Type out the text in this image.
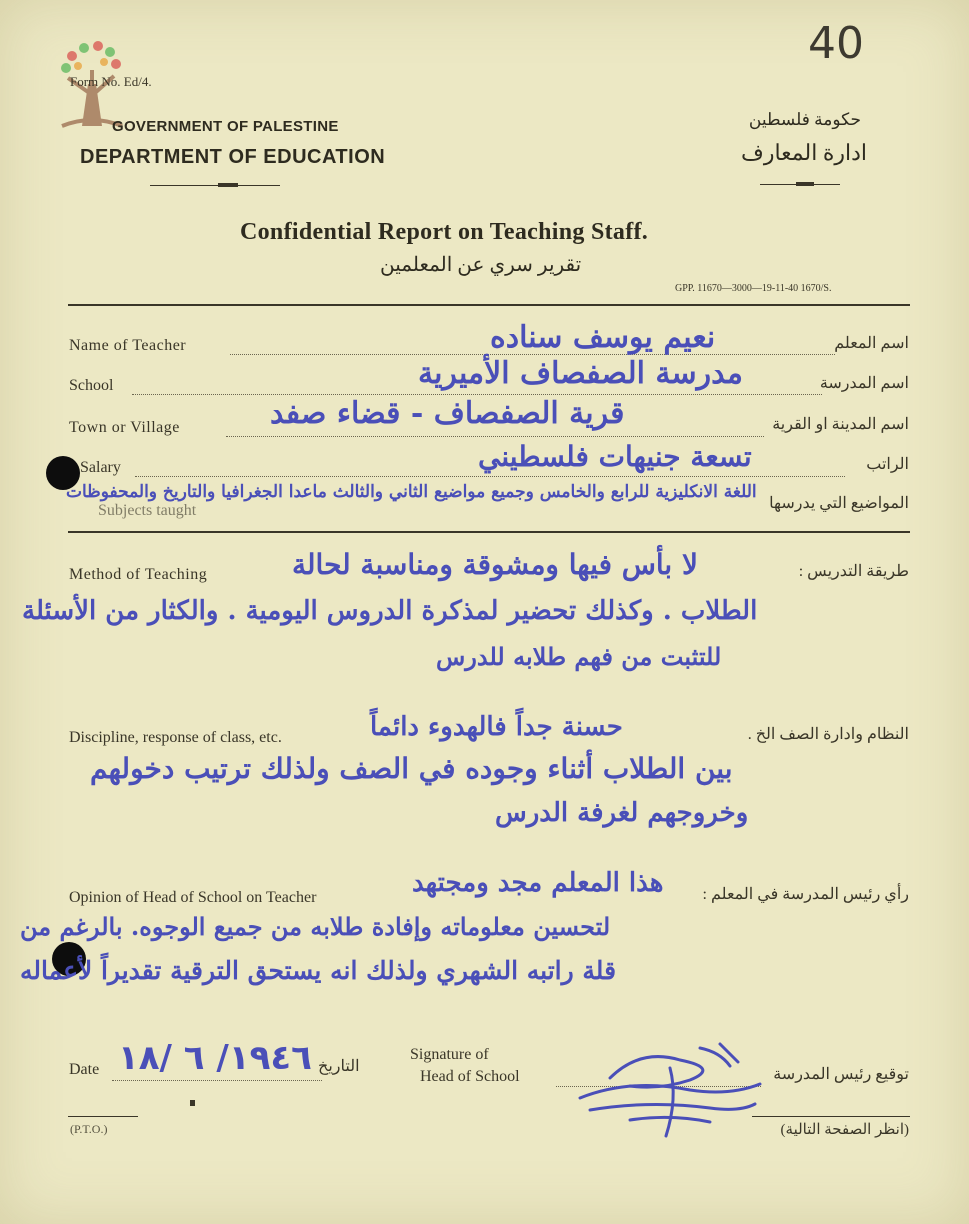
40
Form No. Ed/4.
GOVERNMENT OF PALESTINE
DEPARTMENT OF EDUCATION
حكومة فلسطين
ادارة المعارف
Confidential Report on Teaching Staff.
تقرير سري عن المعلمين
GPP. 11670—3000—19-11-40 1670/S.
Name of Teacher	اسم المعلم
نعيم يوسف سناده
School	اسم المدرسة
مدرسة الصفصاف الأميرية
Town or Village	اسم المدينة او القرية
قرية الصفصاف - قضاء صفد
Salary	الراتب
تسعة جنيهات فلسطيني
Subjects taught	المواضيع التي يدرسها
اللغة الانكليزية للرابع والخامس وجميع مواضيع الثاني والثالث ماعدا الجغرافيا والتاريخ والمحفوظات
Method of Teaching	طريقة التدريس :
لا بأس فيها ومشوقة ومناسبة لحالة
الطلاب . وكذلك تحضير لمذكرة الدروس اليومية . والكثار من الأسئلة
للتثبت من فهم طلابه للدرس
Discipline, response of class, etc.	النظام وادارة الصف الخ .
حسنة جداً فالهدوء دائماً
بين الطلاب أثناء وجوده في الصف ولذلك ترتيب دخولهم
وخروجهم لغرفة الدرس
Opinion of Head of School on Teacher	رأي رئيس المدرسة في المعلم :
هذا المعلم مجد ومجتهد
لتحسين معلوماته وإفادة طلابه من جميع الوجوه. بالرغم من
قلة راتبه الشهري ولذلك انه يستحق الترقية تقديراً لأعماله
Date	التاريخ
١٩٤٦/ ٦ /١٨	Signature of
Head of School	توقيع رئيس المدرسة
(P.T.O.)	(انظر الصفحة التالية)
